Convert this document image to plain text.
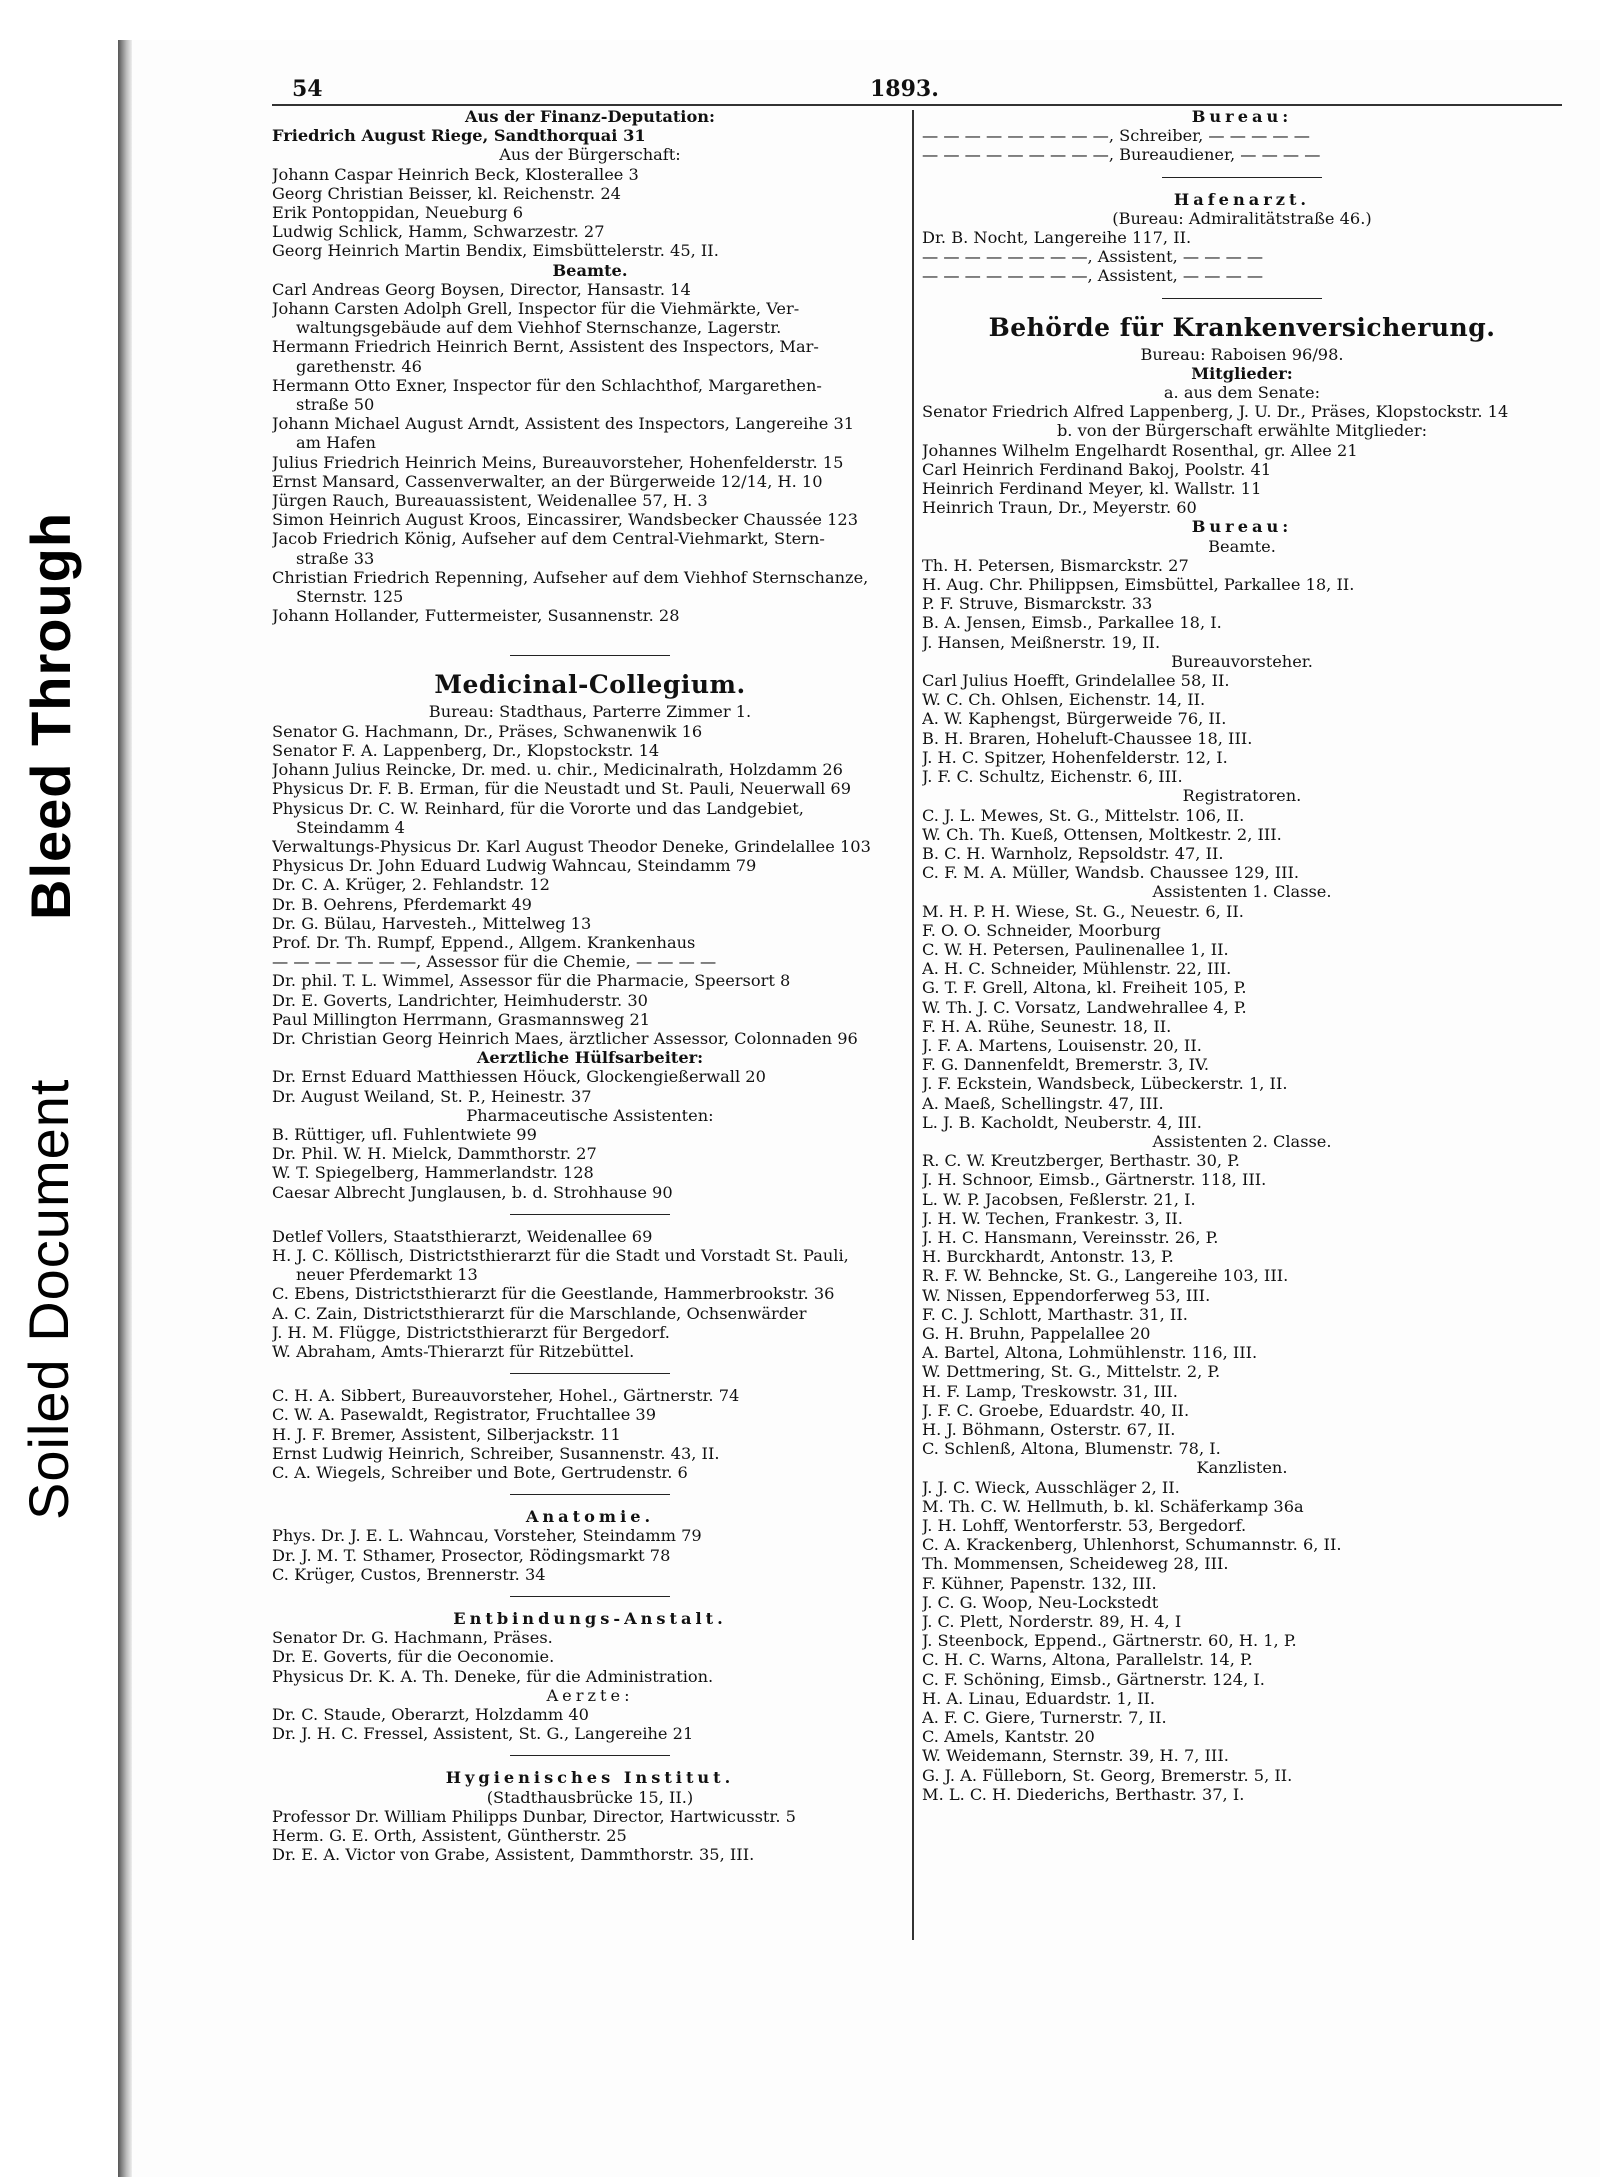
Bleed Through
Soiled Document
54	1893.
Aus der Finanz-Deputation:
Friedrich August Riege, Sandthorquai 31
Aus der Bürgerschaft:
Johann Caspar Heinrich Beck, Klosterallee 3
Georg Christian Beisser, kl. Reichenstr. 24
Erik Pontoppidan, Neueburg 6
Ludwig Schlick, Hamm, Schwarzestr. 27
Georg Heinrich Martin Bendix, Eimsbüttelerstr. 45, II.
Beamte.
Carl Andreas Georg Boysen, Director, Hansastr. 14
Johann Carsten Adolph Grell, Inspector für die Viehmärkte, Ver-
waltungsgebäude auf dem Viehhof Sternschanze, Lagerstr.
Hermann Friedrich Heinrich Bernt, Assistent des Inspectors, Mar-
garethenstr. 46
Hermann Otto Exner, Inspector für den Schlachthof, Margarethen-
straße 50
Johann Michael August Arndt, Assistent des Inspectors, Langereihe 31
am Hafen
Julius Friedrich Heinrich Meins, Bureauvorsteher, Hohenfelderstr. 15
Ernst Mansard, Cassenverwalter, an der Bürgerweide 12/14, H. 10
Jürgen Rauch, Bureauassistent, Weidenallee 57, H. 3
Simon Heinrich August Kroos, Eincassirer, Wandsbecker Chaussée 123
Jacob Friedrich König, Aufseher auf dem Central-Viehmarkt, Stern-
straße 33
Christian Friedrich Repenning, Aufseher auf dem Viehhof Sternschanze,
Sternstr. 125
Johann Hollander, Futtermeister, Susannenstr. 28
Medicinal-Collegium.
Bureau: Stadthaus, Parterre Zimmer 1.
Senator G. Hachmann, Dr., Präses, Schwanenwik 16
Senator F. A. Lappenberg, Dr., Klopstockstr. 14
Johann Julius Reincke, Dr. med. u. chir., Medicinalrath, Holzdamm 26
Physicus Dr. F. B. Erman, für die Neustadt und St. Pauli, Neuerwall 69
Physicus Dr. C. W. Reinhard, für die Vororte und das Landgebiet,
Steindamm 4
Verwaltungs-Physicus Dr. Karl August Theodor Deneke, Grindelallee 103
Physicus Dr. John Eduard Ludwig Wahncau, Steindamm 79
Dr. C. A. Krüger, 2. Fehlandstr. 12
Dr. B. Oehrens, Pferdemarkt 49
Dr. G. Bülau, Harvesteh., Mittelweg 13
Prof. Dr. Th. Rumpf, Eppend., Allgem. Krankenhaus
— — — — — — —, Assessor für die Chemie, — — — —
Dr. phil. T. L. Wimmel, Assessor für die Pharmacie, Speersort 8
Dr. E. Goverts, Landrichter, Heimhuderstr. 30
Paul Millington Herrmann, Grasmannsweg 21
Dr. Christian Georg Heinrich Maes, ärztlicher Assessor, Colonnaden 96
Aerztliche Hülfsarbeiter:
Dr. Ernst Eduard Matthiessen Höuck, Glockengießerwall 20
Dr. August Weiland, St. P., Heinestr. 37
Pharmaceutische Assistenten:
B. Rüttiger, ufl. Fuhlentwiete 99
Dr. Phil. W. H. Mielck, Dammthorstr. 27
W. T. Spiegelberg, Hammerlandstr. 128
Caesar Albrecht Junglausen, b. d. Strohhause 90
Detlef Vollers, Staatsthierarzt, Weidenallee 69
H. J. C. Köllisch, Districtsthierarzt für die Stadt und Vorstadt St. Pauli,
neuer Pferdemarkt 13
C. Ebens, Districtsthierarzt für die Geestlande, Hammerbrookstr. 36
A. C. Zain, Districtsthierarzt für die Marschlande, Ochsenwärder
J. H. M. Flügge, Districtsthierarzt für Bergedorf.
W. Abraham, Amts-Thierarzt für Ritzebüttel.
C. H. A. Sibbert, Bureauvorsteher, Hohel., Gärtnerstr. 74
C. W. A. Pasewaldt, Registrator, Fruchtallee 39
H. J. F. Bremer, Assistent, Silberjackstr. 11
Ernst Ludwig Heinrich, Schreiber, Susannenstr. 43, II.
C. A. Wiegels, Schreiber und Bote, Gertrudenstr. 6
Anatomie.
Phys. Dr. J. E. L. Wahncau, Vorsteher, Steindamm 79
Dr. J. M. T. Sthamer, Prosector, Rödingsmarkt 78
C. Krüger, Custos, Brennerstr. 34
Entbindungs-Anstalt.
Senator Dr. G. Hachmann, Präses.
Dr. E. Goverts, für die Oeconomie.
Physicus Dr. K. A. Th. Deneke, für die Administration.
Aerzte:
Dr. C. Staude, Oberarzt, Holzdamm 40
Dr. J. H. C. Fressel, Assistent, St. G., Langereihe 21
Hygienisches Institut.
(Stadthausbrücke 15, II.)
Professor Dr. William Philipps Dunbar, Director, Hartwicusstr. 5
Herm. G. E. Orth, Assistent, Güntherstr. 25
Dr. E. A. Victor von Grabe, Assistent, Dammthorstr. 35, III.
Bureau:
— — — — — — — — —, Schreiber, — — — — —
— — — — — — — — —, Bureaudiener, — — — —
Hafenarzt.
(Bureau: Admiralitätstraße 46.)
Dr. B. Nocht, Langereihe 117, II.
— — — — — — — —, Assistent, — — — —
— — — — — — — —, Assistent, — — — —
Behörde für Krankenversicherung.
Bureau: Raboisen 96/98.
Mitglieder:
a. aus dem Senate:
Senator Friedrich Alfred Lappenberg, J. U. Dr., Präses, Klopstockstr. 14
b. von der Bürgerschaft erwählte Mitglieder:
Johannes Wilhelm Engelhardt Rosenthal, gr. Allee 21
Carl Heinrich Ferdinand Bakoj, Poolstr. 41
Heinrich Ferdinand Meyer, kl. Wallstr. 11
Heinrich Traun, Dr., Meyerstr. 60
Bureau:
Beamte.
Th. H. Petersen, Bismarckstr. 27
H. Aug. Chr. Philippsen, Eimsbüttel, Parkallee 18, II.
P. F. Struve, Bismarckstr. 33
B. A. Jensen, Eimsb., Parkallee 18, I.
J. Hansen, Meißnerstr. 19, II.
Bureauvorsteher.
Carl Julius Hoefft, Grindelallee 58, II.
W. C. Ch. Ohlsen, Eichenstr. 14, II.
A. W. Kaphengst, Bürgerweide 76, II.
B. H. Braren, Hoheluft-Chaussee 18, III.
J. H. C. Spitzer, Hohenfelderstr. 12, I.
J. F. C. Schultz, Eichenstr. 6, III.
Registratoren.
C. J. L. Mewes, St. G., Mittelstr. 106, II.
W. Ch. Th. Kueß, Ottensen, Moltkestr. 2, III.
B. C. H. Warnholz, Repsoldstr. 47, II.
C. F. M. A. Müller, Wandsb. Chaussee 129, III.
Assistenten 1. Classe.
M. H. P. H. Wiese, St. G., Neuestr. 6, II.
F. O. O. Schneider, Moorburg
C. W. H. Petersen, Paulinenallee 1, II.
A. H. C. Schneider, Mühlenstr. 22, III.
G. T. F. Grell, Altona, kl. Freiheit 105, P.
W. Th. J. C. Vorsatz, Landwehrallee 4, P.
F. H. A. Rühe, Seunestr. 18, II.
J. F. A. Martens, Louisenstr. 20, II.
F. G. Dannenfeldt, Bremerstr. 3, IV.
J. F. Eckstein, Wandsbeck, Lübeckerstr. 1, II.
A. Maeß, Schellingstr. 47, III.
L. J. B. Kacholdt, Neuberstr. 4, III.
Assistenten 2. Classe.
R. C. W. Kreutzberger, Berthastr. 30, P.
J. H. Schnoor, Eimsb., Gärtnerstr. 118, III.
L. W. P. Jacobsen, Feßlerstr. 21, I.
J. H. W. Techen, Frankestr. 3, II.
J. H. C. Hansmann, Vereinsstr. 26, P.
H. Burckhardt, Antonstr. 13, P.
R. F. W. Behncke, St. G., Langereihe 103, III.
W. Nissen, Eppendorferweg 53, III.
F. C. J. Schlott, Marthastr. 31, II.
G. H. Bruhn, Pappelallee 20
A. Bartel, Altona, Lohmühlenstr. 116, III.
W. Dettmering, St. G., Mittelstr. 2, P.
H. F. Lamp, Treskowstr. 31, III.
J. F. C. Groebe, Eduardstr. 40, II.
H. J. Böhmann, Osterstr. 67, II.
C. Schlenß, Altona, Blumenstr. 78, I.
Kanzlisten.
J. J. C. Wieck, Ausschläger 2, II.
M. Th. C. W. Hellmuth, b. kl. Schäferkamp 36a
J. H. Lohff, Wentorferstr. 53, Bergedorf.
C. A. Krackenberg, Uhlenhorst, Schumannstr. 6, II.
Th. Mommensen, Scheideweg 28, III.
F. Kühner, Papenstr. 132, III.
J. C. G. Woop, Neu-Lockstedt
J. C. Plett, Norderstr. 89, H. 4, I
J. Steenbock, Eppend., Gärtnerstr. 60, H. 1, P.
C. H. C. Warns, Altona, Parallelstr. 14, P.
C. F. Schöning, Eimsb., Gärtnerstr. 124, I.
H. A. Linau, Eduardstr. 1, II.
A. F. C. Giere, Turnerstr. 7, II.
C. Amels, Kantstr. 20
W. Weidemann, Sternstr. 39, H. 7, III.
G. J. A. Fülleborn, St. Georg, Bremerstr. 5, II.
M. L. C. H. Diederichs, Berthastr. 37, I.
